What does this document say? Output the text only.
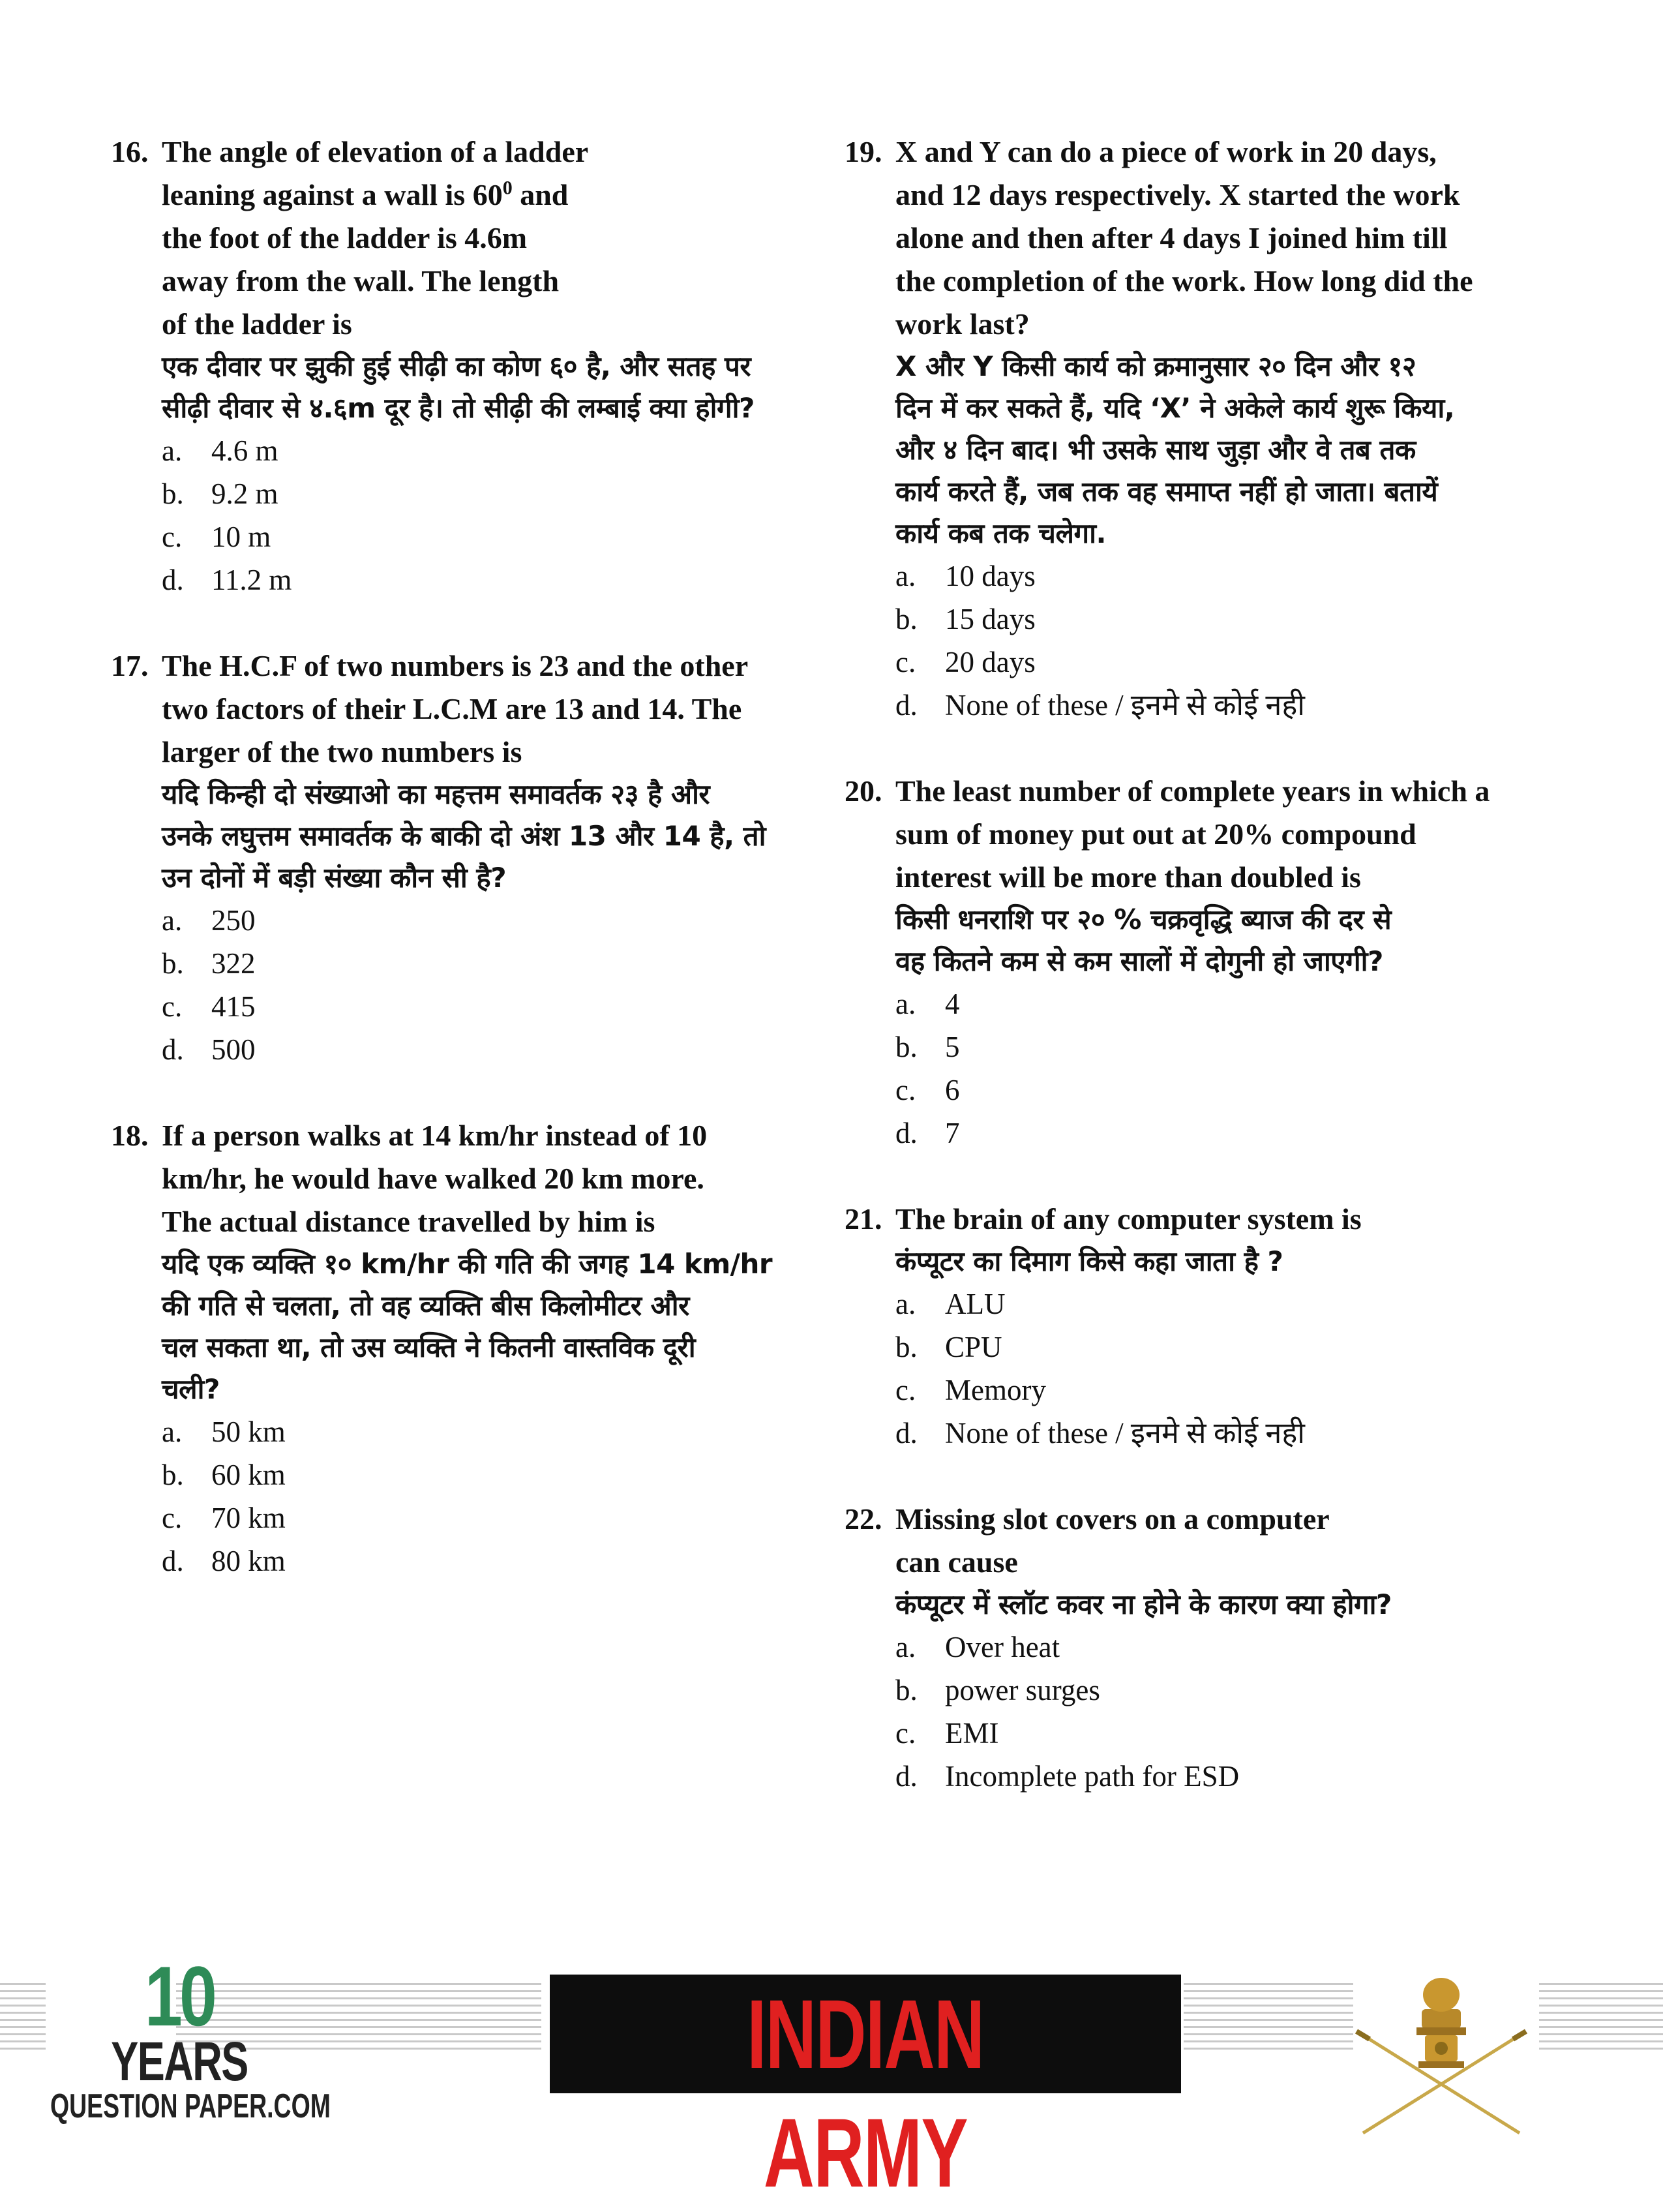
16. The angle of elevation of a ladder
leaning against a wall is $60^0$ and
the foot of the ladder is 4.6m
away from the wall. The length
of the ladder is
एक दीवार पर झुकी हुई सीढ़ी का कोण ६० है, और सतह पर
सीढ़ी दीवार से ४.६m दूर है। तो सीढ़ी की लम्बाई क्या होगी?
a. 4.6 m
b. 9.2 m
c. 10 m
d. 11.2 m
17. The H.C.F of two numbers is 23 and the other
two factors of their L.C.M are 13 and 14. The
larger of the two numbers is
यदि किन्ही दो संख्याओ का महत्तम समावर्तक २३ है और
उनके लघुत्तम समावर्तक के बाकी दो अंश 13 और 14 है, तो
उन दोनों में बड़ी संख्या कौन सी है?
a. 250
b. 322
c. 415
d. 500
18. If a person walks at 14 km/hr instead of 10
km/hr, he would have walked 20 km more.
The actual distance travelled by him is
यदि एक व्यक्ति १० km/hr की गति की जगह 14 km/hr
की गति से चलता, तो वह व्यक्ति बीस किलोमीटर और
चल सकता था, तो उस व्यक्ति ने कितनी वास्तविक दूरी
चली?
a. 50 km
b. 60 km
c. 70 km
d. 80 km
19. X and Y can do a piece of work in 20 days,
and 12 days respectively. X started the work
alone and then after 4 days I joined him till
the completion of the work. How long did the
work last?
X और Y किसी कार्य को क्रमानुसार २० दिन और १२
दिन में कर सकते हैं, यदि ‘X’ ने अकेले कार्य शुरू किया,
और ४ दिन बाद। भी उसके साथ जुड़ा और वे तब तक
कार्य करते हैं, जब तक वह समाप्त नहीं हो जाता। बतायें
कार्य कब तक चलेगा.
a. 10 days
b. 15 days
c. 20 days
d. None of these / इनमे से कोई नही
20. The least number of complete years in which a
sum of money put out at 20% compound
interest will be more than doubled is
किसी धनराशि पर २० % चक्रवृद्धि ब्याज की दर से
वह कितने कम से कम सालों में दोगुनी हो जाएगी?
a. 4
b. 5
c. 6
d. 7
21. The brain of any computer system is
कंप्यूटर का दिमाग किसे कहा जाता है ?
a. ALU
b. CPU
c. Memory
d. None of these / इनमे से कोई नही
22. Missing slot covers on a computer
can cause
कंप्यूटर में स्लॉट कवर ना होने के कारण क्या होगा?
a. Over heat
b. power surges
c. EMI
d. Incomplete path for ESD
10
YEARS
QUESTION PAPER.COM
INDIAN ARMY
